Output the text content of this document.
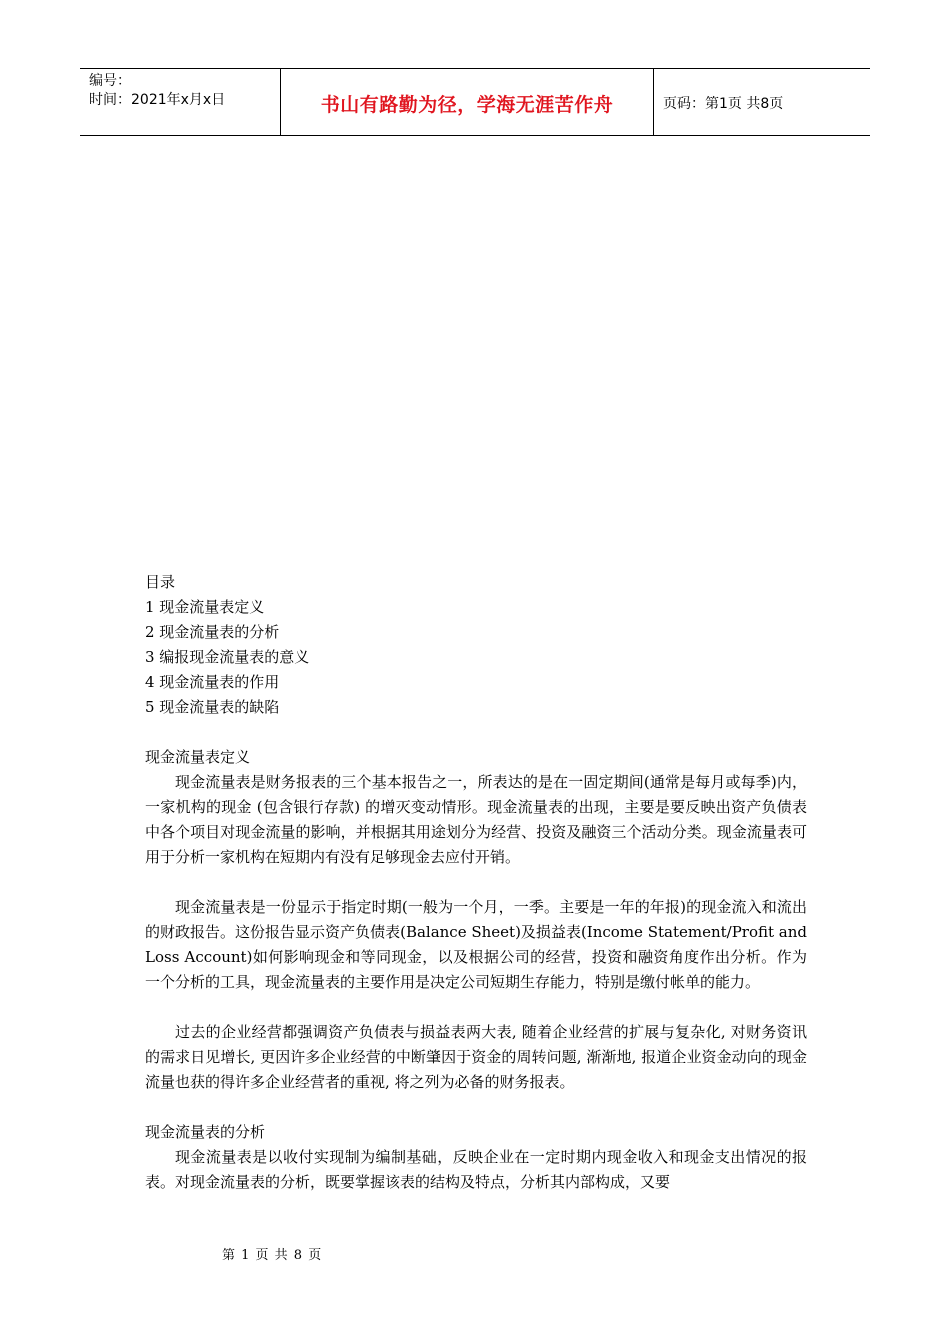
编号：
时间：2021年x月x日	书山有路勤为径，学海无涯苦作舟	页码：第1页 共8页
目录
1 现金流量表定义
2 现金流量表的分析
3 编报现金流量表的意义
4 现金流量表的作用
5 现金流量表的缺陷
现金流量表定义
现金流量表是财务报表的三个基本报告之一，所表达的是在一固定期间(通常是每月或每季)内，一家机构的现金 (包含银行存款) 的增灭变动情形。现金流量表的出现，主要是要反映出资产负债表中各个项目对现金流量的影响，并根据其用途划分为经营、投资及融资三个活动分类。现金流量表可用于分析一家机构在短期内有没有足够现金去应付开销。
现金流量表是一份显示于指定时期(一般为一个月，一季。主要是一年的年报)的现金流入和流出的财政报告。这份报告显示资产负债表(Balance Sheet)及损益表(Income Statement/Profit and Loss Account)如何影响现金和等同现金，以及根据公司的经营，投资和融资角度作出分析。作为一个分析的工具，现金流量表的主要作用是决定公司短期生存能力，特别是缴付帐单的能力。
过去的企业经营都强调资产负债表与损益表两大表, 随着企业经营的扩展与复杂化, 对财务资讯的需求日见增长, 更因许多企业经营的中断肇因于资金的周转问题, 渐渐地, 报道企业资金动向的现金流量也获的得许多企业经营者的重视, 将之列为必备的财务报表。
现金流量表的分析
现金流量表是以收付实现制为编制基础，反映企业在一定时期内现金收入和现金支出情况的报表。对现金流量表的分析，既要掌握该表的结构及特点，分析其内部构成，又要
第 1 页 共 8 页
